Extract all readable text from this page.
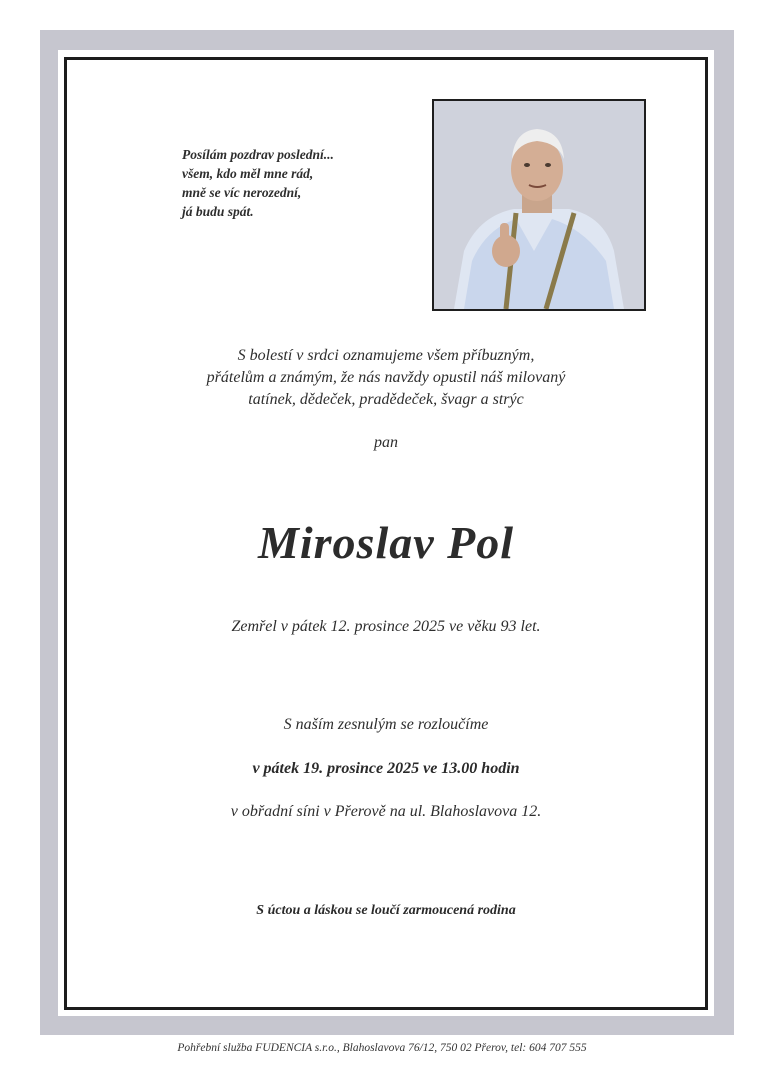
Posílám pozdrav poslední...
všem, kdo měl mne rád,
mně se víc nerozední,
já budu spát.
S bolestí v srdci oznamujeme všem příbuzným,
přátelům a známým, že nás navždy opustil náš milovaný
tatínek, dědeček, pradědeček, švagr a strýc
pan
Miroslav Pol
Zemřel v pátek 12. prosince 2025 ve věku 93 let.
S naším zesnulým se rozloučíme
v pátek 19. prosince 2025 ve 13.00 hodin
v obřadní síni v Přerově na ul. Blahoslavova 12.
S úctou a láskou se loučí zarmoucená rodina
Pohřební služba FUDENCIA s.r.o., Blahoslavova 76/12, 750 02 Přerov, tel: 604 707 555
